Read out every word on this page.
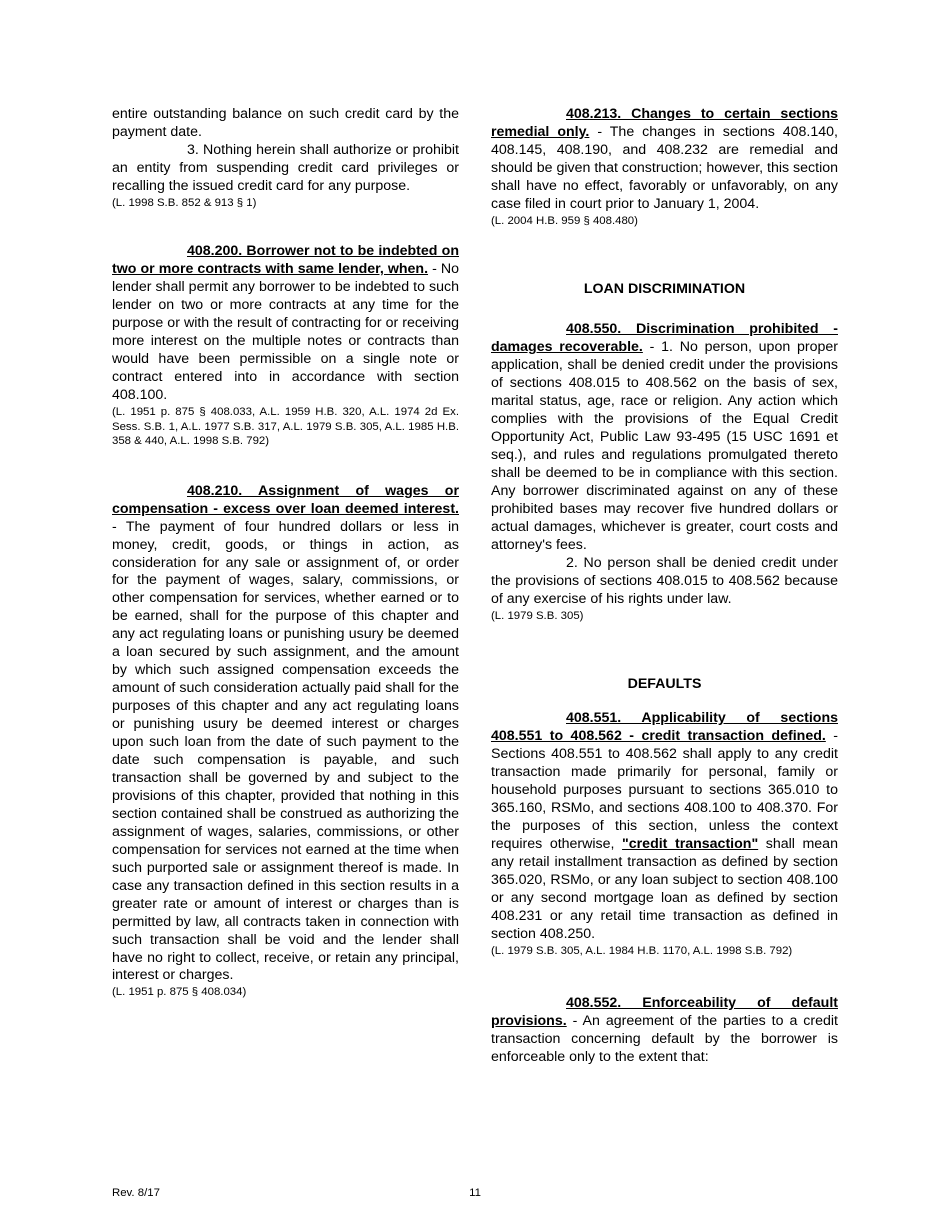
entire outstanding balance on such credit card by the payment date.

3. Nothing herein shall authorize or prohibit an entity from suspending credit card privileges or recalling the issued credit card for any purpose.

(L. 1998 S.B. 852 & 913 § 1)

408.200. Borrower not to be indebted on two or more contracts with same lender, when. - No lender shall permit any borrower to be indebted to such lender on two or more contracts at any time for the purpose or with the result of contracting for or receiving more interest on the multiple notes or contracts than would have been permissible on a single note or contract entered into in accordance with section 408.100.

(L. 1951 p. 875 § 408.033, A.L. 1959 H.B. 320, A.L. 1974 2d Ex. Sess. S.B. 1, A.L. 1977 S.B. 317, A.L. 1979 S.B. 305, A.L. 1985 H.B. 358 & 440, A.L. 1998 S.B. 792)

408.210. Assignment of wages or compensation - excess over loan deemed interest. - The payment of four hundred dollars or less in money, credit, goods, or things in action, as consideration for any sale or assignment of, or order for the payment of wages, salary, commissions, or other compensation for services, whether earned or to be earned, shall for the purpose of this chapter and any act regulating loans or punishing usury be deemed a loan secured by such assignment, and the amount by which such assigned compensation exceeds the amount of such consideration actually paid shall for the purposes of this chapter and any act regulating loans or punishing usury be deemed interest or charges upon such loan from the date of such payment to the date such compensation is payable, and such transaction shall be governed by and subject to the provisions of this chapter, provided that nothing in this section contained shall be construed as authorizing the assignment of wages, salaries, commissions, or other compensation for services not earned at the time when such purported sale or assignment thereof is made. In case any transaction defined in this section results in a greater rate or amount of interest or charges than is permitted by law, all contracts taken in connection with such transaction shall be void and the lender shall have no right to collect, receive, or retain any principal, interest or charges.

(L. 1951 p. 875 § 408.034)

408.213. Changes to certain sections remedial only. - The changes in sections 408.140, 408.145, 408.190, and 408.232 are remedial and should be given that construction; however, this section shall have no effect, favorably or unfavorably, on any case filed in court prior to January 1, 2004.

(L. 2004 H.B. 959 § 408.480)

LOAN DISCRIMINATION

408.550. Discrimination prohibited - damages recoverable. - 1. No person, upon proper application, shall be denied credit under the provisions of sections 408.015 to 408.562 on the basis of sex, marital status, age, race or religion. Any action which complies with the provisions of the Equal Credit Opportunity Act, Public Law 93-495 (15 USC 1691 et seq.), and rules and regulations promulgated thereto shall be deemed to be in compliance with this section. Any borrower discriminated against on any of these prohibited bases may recover five hundred dollars or actual damages, whichever is greater, court costs and attorney's fees.

2. No person shall be denied credit under the provisions of sections 408.015 to 408.562 because of any exercise of his rights under law.

(L. 1979 S.B. 305)

DEFAULTS

408.551. Applicability of sections 408.551 to 408.562 - credit transaction defined. - Sections 408.551 to 408.562 shall apply to any credit transaction made primarily for personal, family or household purposes pursuant to sections 365.010 to 365.160, RSMo, and sections 408.100 to 408.370. For the purposes of this section, unless the context requires otherwise, "credit transaction" shall mean any retail installment transaction as defined by section 365.020, RSMo, or any loan subject to section 408.100 or any second mortgage loan as defined by section 408.231 or any retail time transaction as defined in section 408.250.

(L. 1979 S.B. 305, A.L. 1984 H.B. 1170, A.L. 1998 S.B. 792)

408.552. Enforceability of default provisions. - An agreement of the parties to a credit transaction concerning default by the borrower is enforceable only to the extent that:

Rev. 8/17	11
